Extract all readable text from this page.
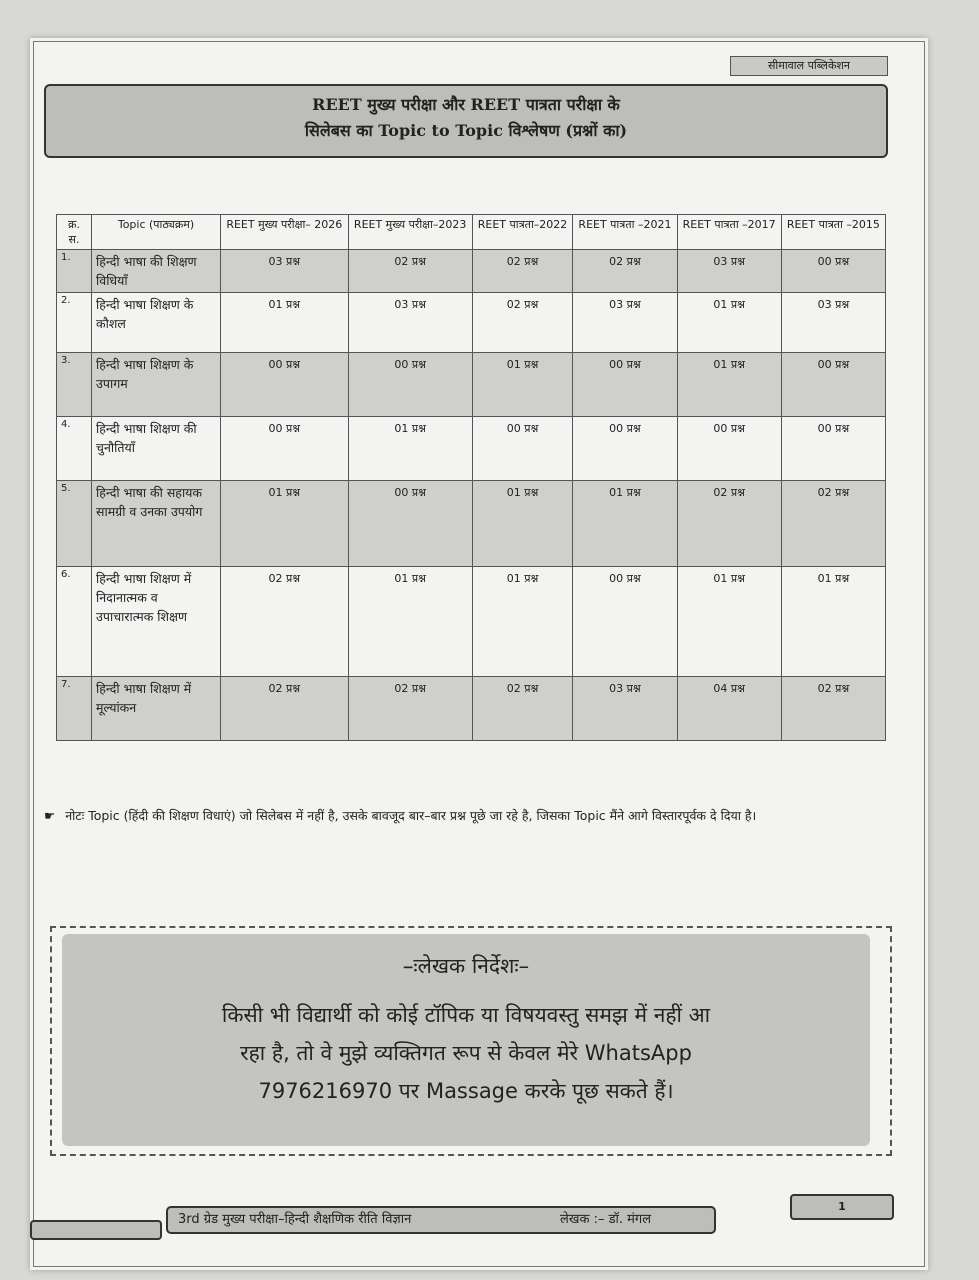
सीमावाल पब्लिकेशन
REET मुख्य परीक्षा और REET पात्रता परीक्षा के
सिलेबस का Topic to Topic विश्लेषण (प्रश्नों का)
क्र. स.	Topic (पाठ्यक्रम)	REET मुख्य परीक्षा– 2026	REET मुख्य परीक्षा–2023	REET पात्रता–2022	REET पात्रता –2021	REET पात्रता –2017	REET पात्रता –2015
1.	हिन्दी भाषा की शिक्षण विधियाँ	03 प्रश्न	02 प्रश्न	02 प्रश्न	02 प्रश्न	03 प्रश्न	00 प्रश्न
2.	हिन्दी भाषा शिक्षण के कौशल	01 प्रश्न	03 प्रश्न	02 प्रश्न	03 प्रश्न	01 प्रश्न	03 प्रश्न
3.	हिन्दी भाषा शिक्षण के उपागम	00 प्रश्न	00 प्रश्न	01 प्रश्न	00 प्रश्न	01 प्रश्न	00 प्रश्न
4.	हिन्दी भाषा शिक्षण की चुनौतियाँ	00 प्रश्न	01 प्रश्न	00 प्रश्न	00 प्रश्न	00 प्रश्न	00 प्रश्न
5.	हिन्दी भाषा की सहायक सामग्री व उनका उपयोग	01 प्रश्न	00 प्रश्न	01 प्रश्न	01 प्रश्न	02 प्रश्न	02 प्रश्न
6.	हिन्दी भाषा शिक्षण में निदानात्मक व उपाचारात्मक शिक्षण	02 प्रश्न	01 प्रश्न	01 प्रश्न	00 प्रश्न	01 प्रश्न	01 प्रश्न
7.	हिन्दी भाषा शिक्षण में मूल्यांकन	02 प्रश्न	02 प्रश्न	02 प्रश्न	03 प्रश्न	04 प्रश्न	02 प्रश्न
☛ नोटः Topic (हिंदी की शिक्षण विधाएं) जो सिलेबस में नहीं है, उसके बावजूद बार–बार प्रश्न पूछे जा रहे है, जिसका Topic मैंने आगे विस्तारपूर्वक दे दिया है।
–ःलेखक निर्देशः–
किसी भी विद्यार्थी को कोई टॉपिक या विषयवस्तु समझ में नहीं आ
रहा है, तो वे मुझे व्यक्तिगत रूप से केवल मेरे WhatsApp
7976216970 पर Massage करके पूछ सकते हैं।
3rd ग्रेड मुख्य परीक्षा–हिन्दी शैक्षणिक रीति विज्ञान	लेखक :– डॉ. मंगल
1
